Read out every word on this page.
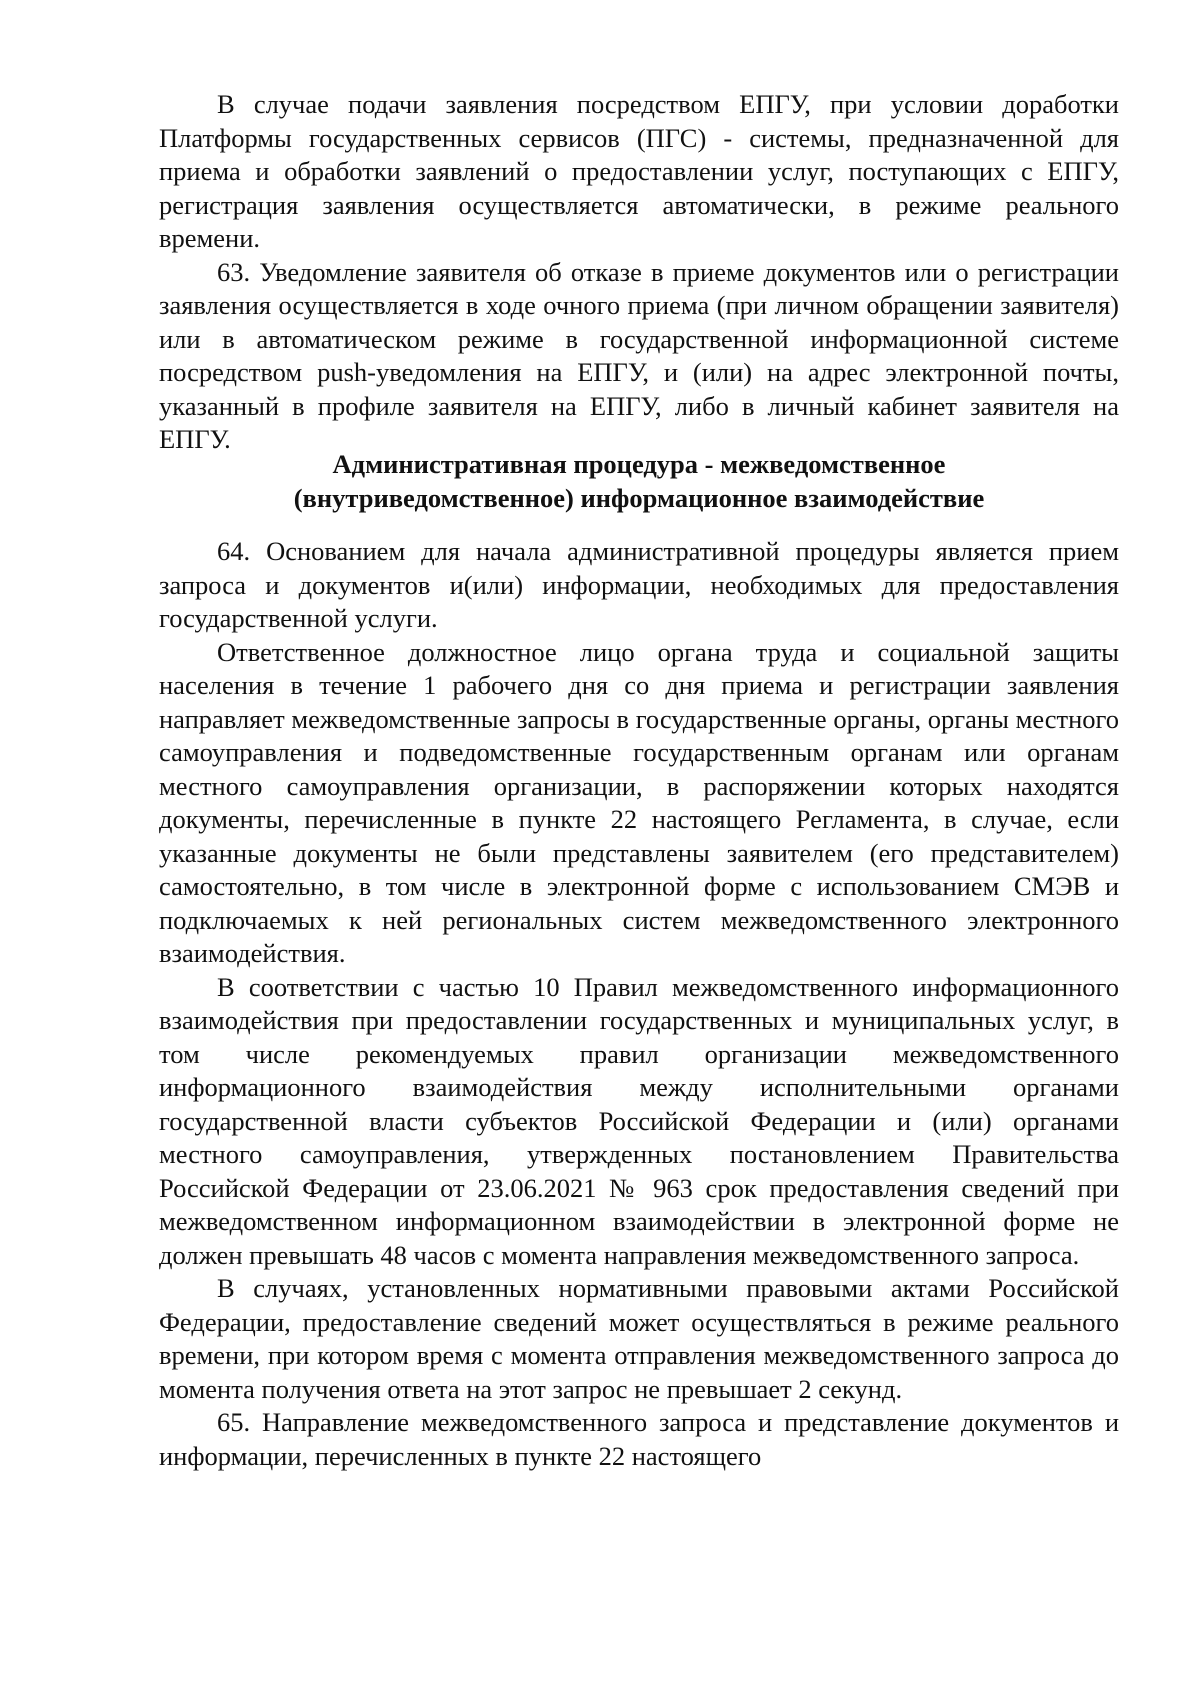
В случае подачи заявления посредством ЕПГУ, при условии доработки Платформы государственных сервисов (ПГС) - системы, предназначенной для приема и обработки заявлений о предоставлении услуг, поступающих с ЕПГУ, регистрация заявления осуществляется автоматически, в режиме реального времени.

63. Уведомление заявителя об отказе в приеме документов или о регистрации заявления осуществляется в ходе очного приема (при личном обращении заявителя) или в автоматическом режиме в государственной информационной системе посредством push-уведомления на ЕПГУ, и (или) на адрес электронной почты, указанный в профиле заявителя на ЕПГУ, либо в личный кабинет заявителя на ЕПГУ.

Административная процедура - межведомственное
(внутриведомственное) информационное взаимодействие

64. Основанием для начала административной процедуры является прием запроса и документов и(или) информации, необходимых для предоставления государственной услуги.

Ответственное должностное лицо органа труда и социальной защиты населения в течение 1 рабочего дня со дня приема и регистрации заявления направляет межведомственные запросы в государственные органы, органы местного самоуправления и подведомственные государственным органам или органам местного самоуправления организации, в распоряжении которых находятся документы, перечисленные в пункте 22 настоящего Регламента, в случае, если указанные документы не были представлены заявителем (его представителем) самостоятельно, в том числе в электронной форме с использованием СМЭВ и подключаемых к ней региональных систем межведомственного электронного взаимодействия.

В соответствии с частью 10 Правил межведомственного информационного взаимодействия при предоставлении государственных и муниципальных услуг, в том числе рекомендуемых правил организации межведомственного информационного взаимодействия между исполнительными органами государственной власти субъектов Российской Федерации и (или) органами местного самоуправления, утвержденных постановлением Правительства Российской Федерации от 23.06.2021 № 963 срок предоставления сведений при межведомственном информационном взаимодействии в электронной форме не должен превышать 48 часов с момента направления межведомственного запроса.

В случаях, установленных нормативными правовыми актами Российской Федерации, предоставление сведений может осуществляться в режиме реального времени, при котором время с момента отправления межведомственного запроса до момента получения ответа на этот запрос не превышает 2 секунд.

65. Направление межведомственного запроса и представление документов и информации, перечисленных в пункте 22 настоящего
